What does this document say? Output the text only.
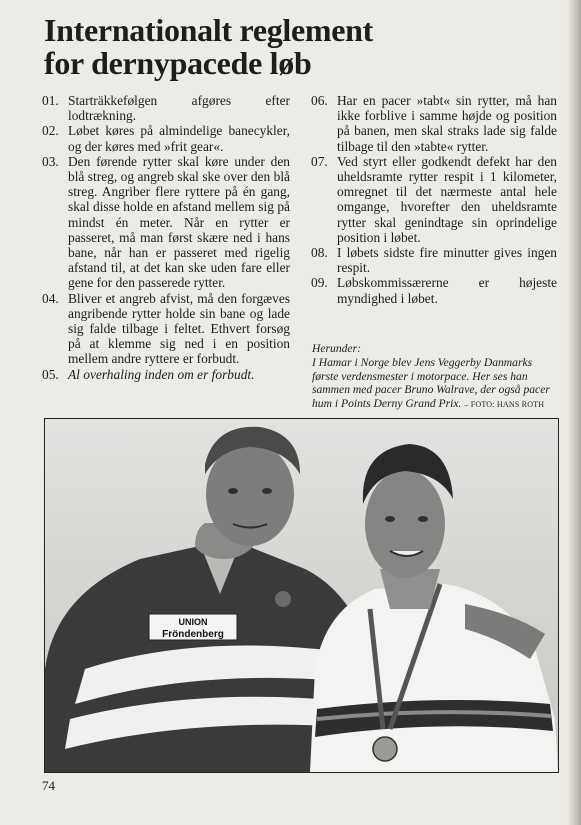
Internationalt reglement
for dernypacede løb

01. Starträkkefølgen afgøres efter lodtrækning.

02. Løbet køres på almindelige banecykler, og der køres med »frit gear«.

03. Den førende rytter skal køre under den blå streg, og angreb skal ske over den blå streg. Angriber flere ryttere på én gang, skal disse holde en afstand mellem sig på mindst én meter. Når en rytter er passeret, må man først skære ned i hans bane, når han er passeret med rigelig afstand til, at det kan ske uden fare eller gene for den passerede rytter.

04. Bliver et angreb afvist, må den forgæves angribende rytter holde sin bane og lade sig falde tilbage i feltet. Ethvert forsøg på at klemme sig ned i en position mellem andre ryttere er forbudt.

05. Al overhaling inden om er forbudt.

06. Har en pacer »tabt« sin rytter, må han ikke forblive i samme højde og position på banen, men skal straks lade sig falde tilbage til den »tabte« rytter.

07. Ved styrt eller godkendt defekt har den uheldsramte rytter respit i 1 kilometer, omregnet til det nærmeste antal hele omgange, hvorefter den uheldsramte rytter skal genindtage sin oprindelige position i løbet.

08. I løbets sidste fire minutter gives ingen respit.

09. Løbskommissærerne er højeste myndighed i løbet.

Herunder:
I Hamar i Norge blev Jens Veggerby Danmarks første verdensmester i motorpace. Her ses han sammen med pacer Bruno Walrave, der også pacer hum i Points Derny Grand Prix. – FOTO: HANS ROTH
UNION
Fröndenberg
74
